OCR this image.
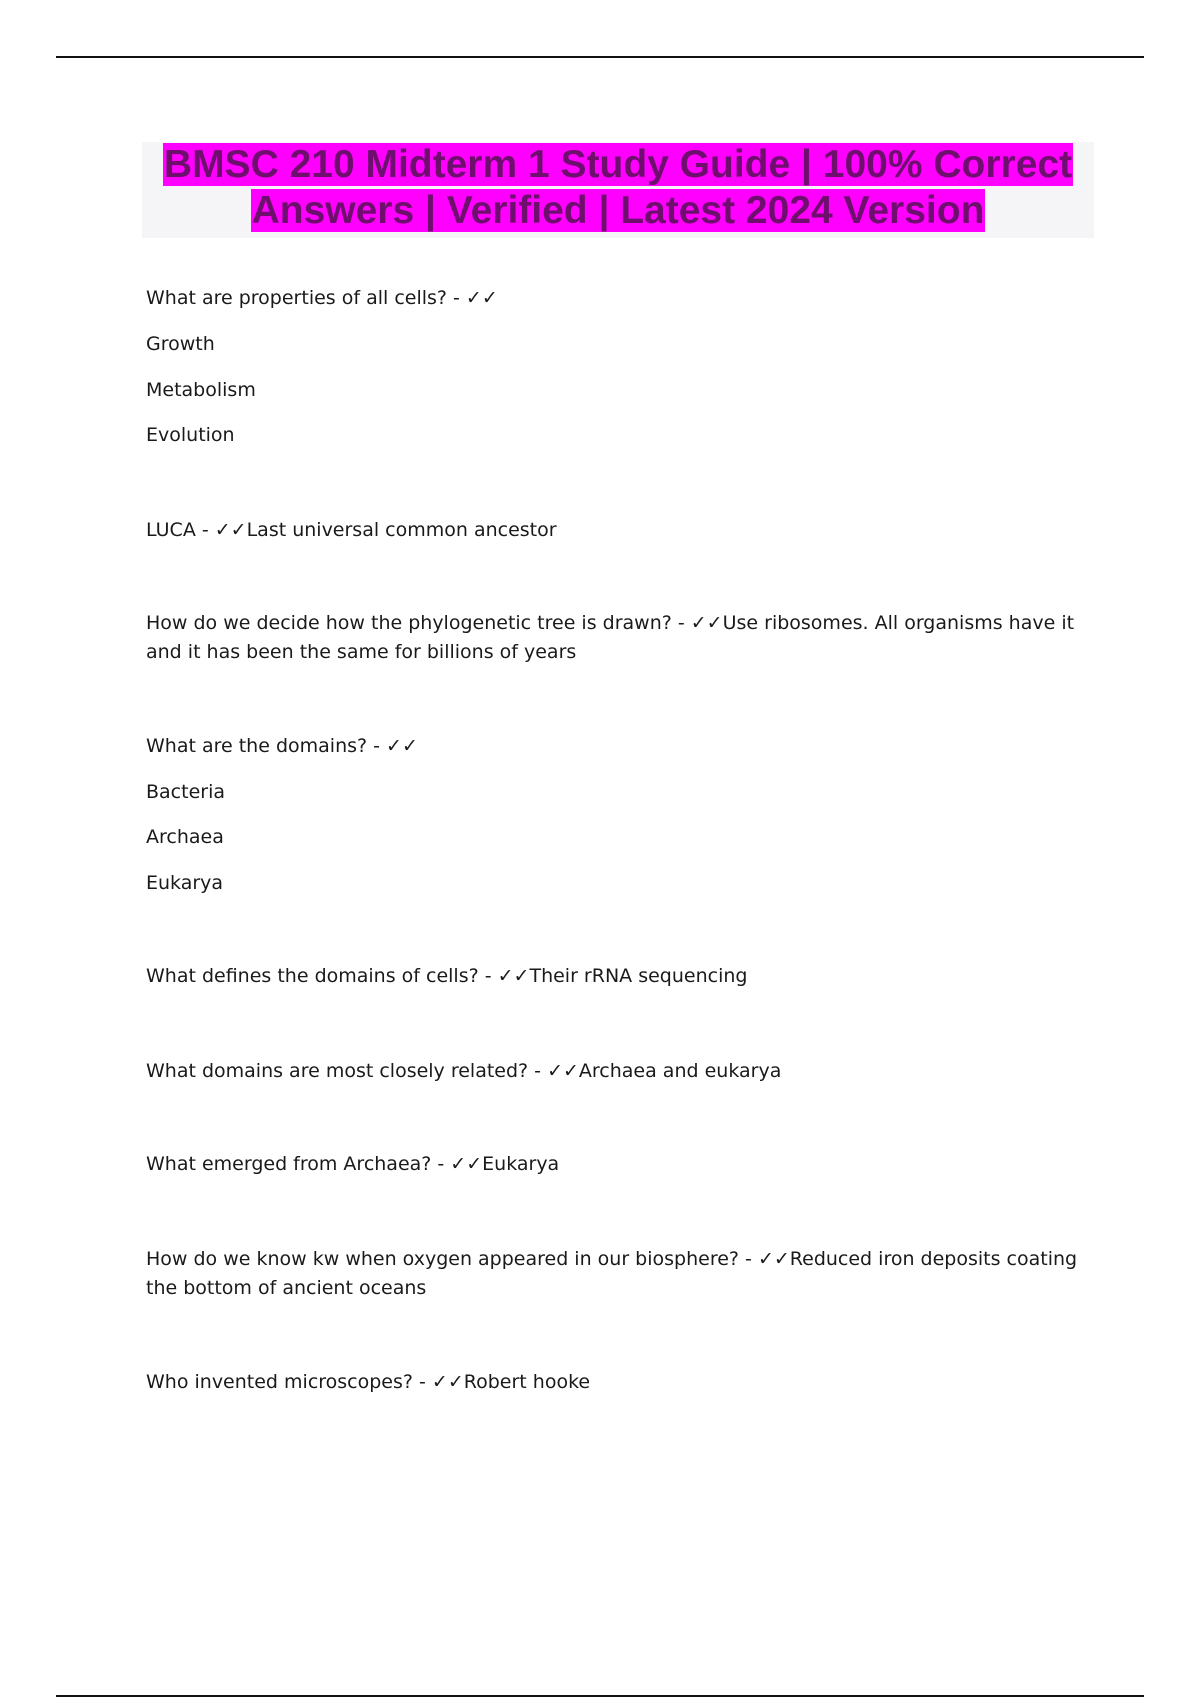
BMSC 210 Midterm 1 Study Guide | 100% Correct Answers | Verified | Latest 2024 Version
What are properties of all cells? - ✓✓
Growth
Metabolism
Evolution
LUCA - ✓✓Last universal common ancestor
How do we decide how the phylogenetic tree is drawn? - ✓✓Use ribosomes. All organisms have it and it has been the same for billions of years
What are the domains? - ✓✓
Bacteria
Archaea
Eukarya
What defines the domains of cells? - ✓✓Their rRNA sequencing
What domains are most closely related? - ✓✓Archaea and eukarya
What emerged from Archaea? - ✓✓Eukarya
How do we know kw when oxygen appeared in our biosphere? - ✓✓Reduced iron deposits coating the bottom of ancient oceans
Who invented microscopes? - ✓✓Robert hooke
